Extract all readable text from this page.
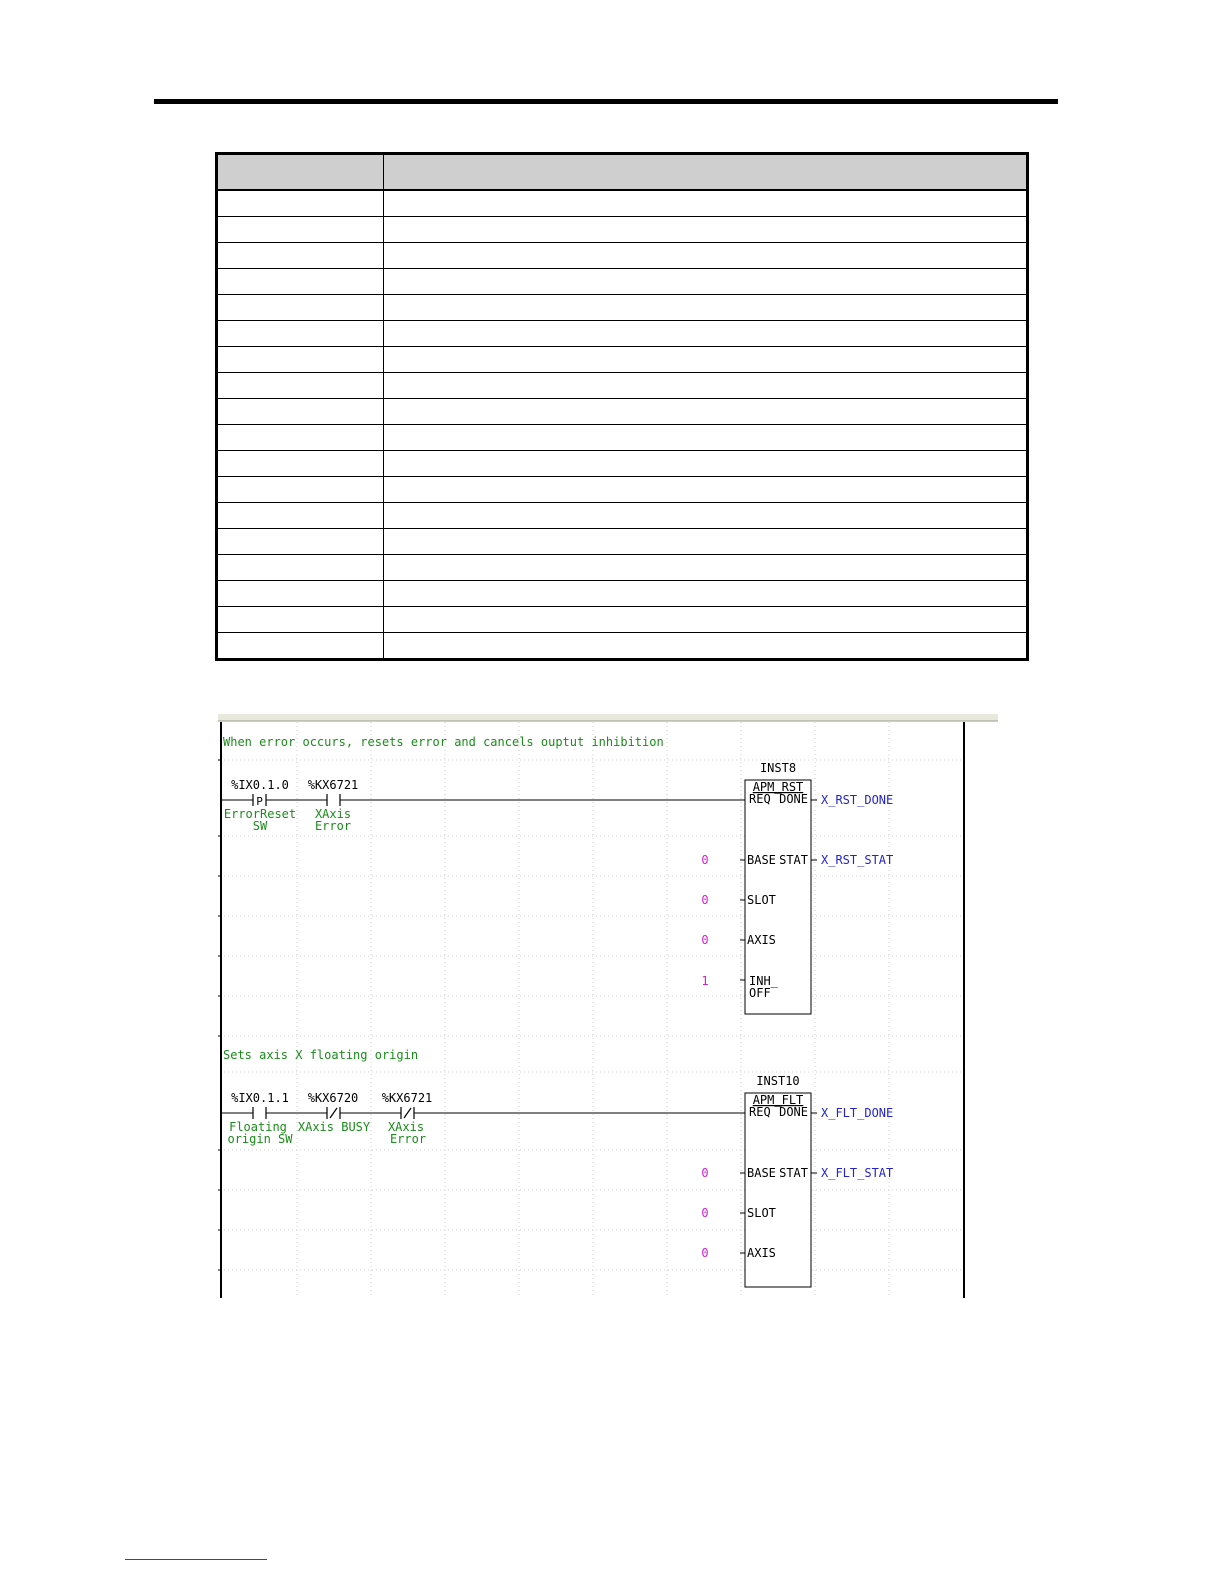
When error occurs, resets error and cancels ouptut inhibition
%IX0.1.0 %KX6721
P
ErrorReset
SW
XAxis
Error
INST8
APM_RST
REQ DONE
BASE STAT
SLOT
AXIS
INH_
OFF
0
0
0
1
X_RST_DONE
X_RST_STAT
Sets axis X floating origin
%IX0.1.1 %KX6720 %KX6721
Floating
origin SW
XAxis BUSY XAxis
Error
INST10
APM_FLT
REQ DONE
BASE STAT
SLOT
AXIS
0
0
0
X_FLT_DONE
X_FLT_STAT
